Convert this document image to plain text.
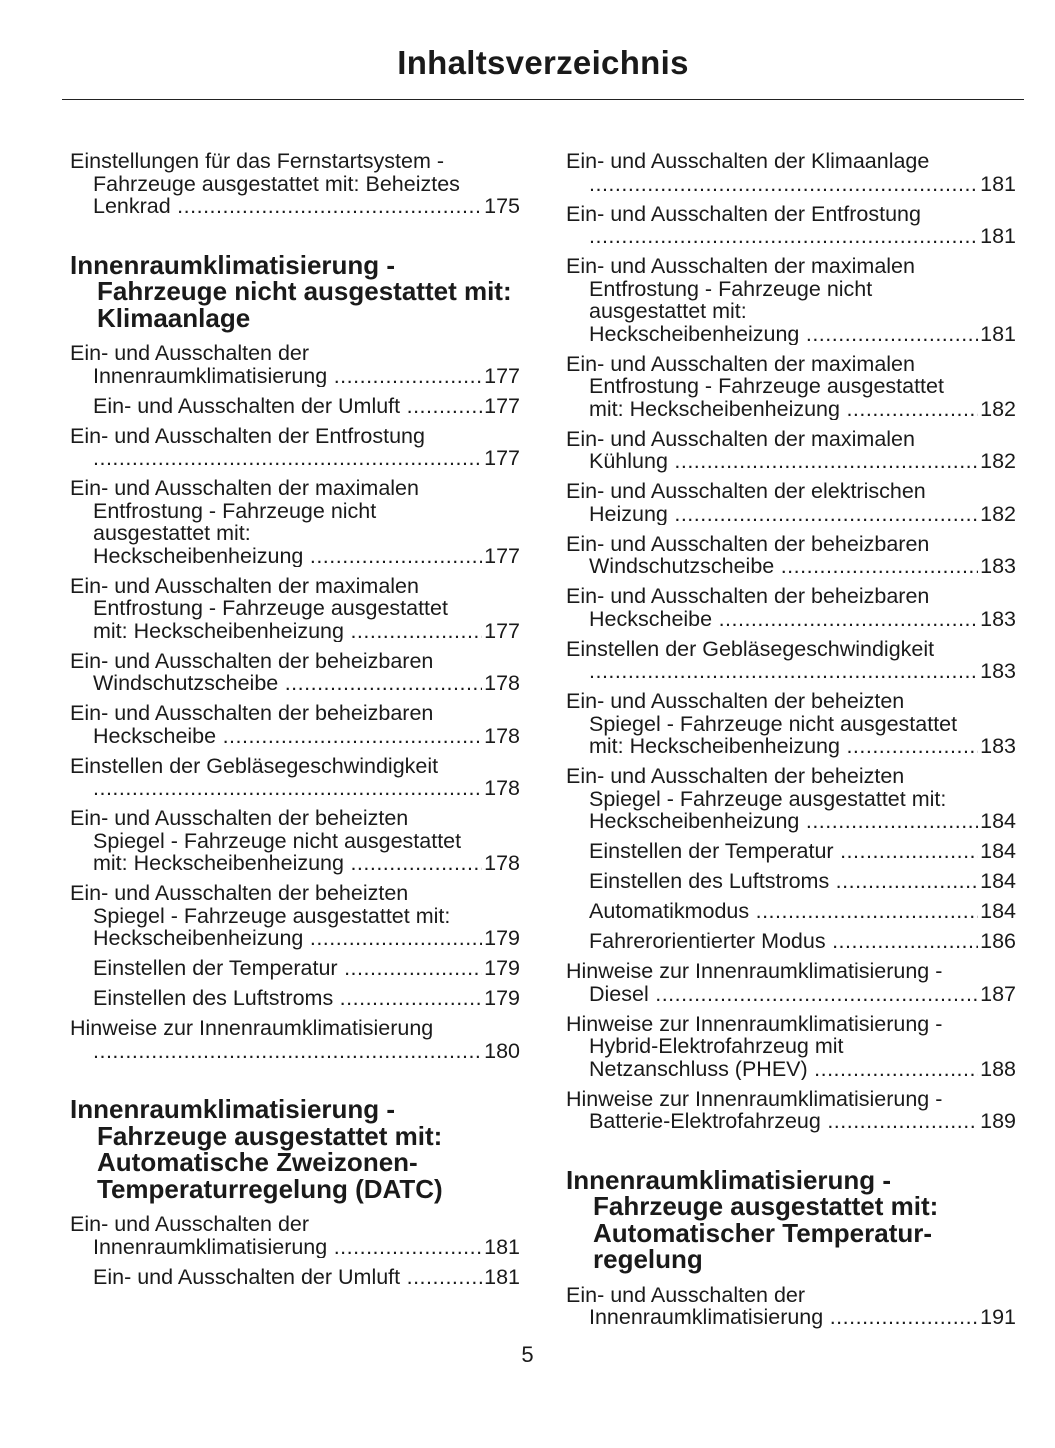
Inhaltsverzeichnis
Einstellungen für das Fernstartsystem -
Fahrzeuge ausgestattet mit: Beheiztes

175
Lenkrad .....
Innenraumklimatisierung - Fahrzeuge nicht ausgestattet mit: Klimaanlage
Ein- und Ausschalten der

177
Innenraumklimatisierung .....
177
Ein- und Ausschalten der Umluft .....
Ein- und Ausschalten der Entfrostung

177
.....
Ein- und Ausschalten der maximalen
Entfrostung - Fahrzeuge nicht
ausgestattet mit:

177
Heckscheibenheizung .....
Ein- und Ausschalten der maximalen
Entfrostung - Fahrzeuge ausgestattet

177
mit: Heckscheibenheizung .....
Ein- und Ausschalten der beheizbaren

178
Windschutzscheibe .....
Ein- und Ausschalten der beheizbaren

178
Heckscheibe .....
Einstellen der Gebläsegeschwindigkeit

178
.....
Ein- und Ausschalten der beheizten
Spiegel - Fahrzeuge nicht ausgestattet

178
mit: Heckscheibenheizung .....
Ein- und Ausschalten der beheizten
Spiegel - Fahrzeuge ausgestattet mit:

179
Heckscheibenheizung .....
179
Einstellen der Temperatur .....
179
Einstellen des Luftstroms .....
Hinweise zur Innenraumklimatisierung

180
.....
Innenraumklimatisierung - Fahrzeuge ausgestattet mit: Automatische Zweizonen-Temperaturregelung (DATC)
Ein- und Ausschalten der

181
Innenraumklimatisierung .....
181
Ein- und Ausschalten der Umluft .....
Ein- und Ausschalten der Klimaanlage

181
.....
Ein- und Ausschalten der Entfrostung

181
.....
Ein- und Ausschalten der maximalen
Entfrostung - Fahrzeuge nicht
ausgestattet mit:

181
Heckscheibenheizung .....
Ein- und Ausschalten der maximalen
Entfrostung - Fahrzeuge ausgestattet

182
mit: Heckscheibenheizung .....
Ein- und Ausschalten der maximalen

182
Kühlung .....
Ein- und Ausschalten der elektrischen

182
Heizung .....
Ein- und Ausschalten der beheizbaren

183
Windschutzscheibe .....
Ein- und Ausschalten der beheizbaren

183
Heckscheibe .....
Einstellen der Gebläsegeschwindigkeit

183
.....
Ein- und Ausschalten der beheizten
Spiegel - Fahrzeuge nicht ausgestattet

183
mit: Heckscheibenheizung .....
Ein- und Ausschalten der beheizten
Spiegel - Fahrzeuge ausgestattet mit:

184
Heckscheibenheizung .....
184
Einstellen der Temperatur .....
184
Einstellen des Luftstroms .....
184
Automatikmodus .....
186
Fahrerorientierter Modus .....
Hinweise zur Innenraumklimatisierung -

187
Diesel .....
Hinweise zur Innenraumklimatisierung -
Hybrid-Elektrofahrzeug mit

188
Netzanschluss (PHEV) .....
Hinweise zur Innenraumklimatisierung -

189
Batterie-Elektrofahrzeug .....
Innenraumklimatisierung - Fahrzeuge ausgestattet mit: Automatischer Temperatur-regelung
Ein- und Ausschalten der

191
Innenraumklimatisierung .....
5
